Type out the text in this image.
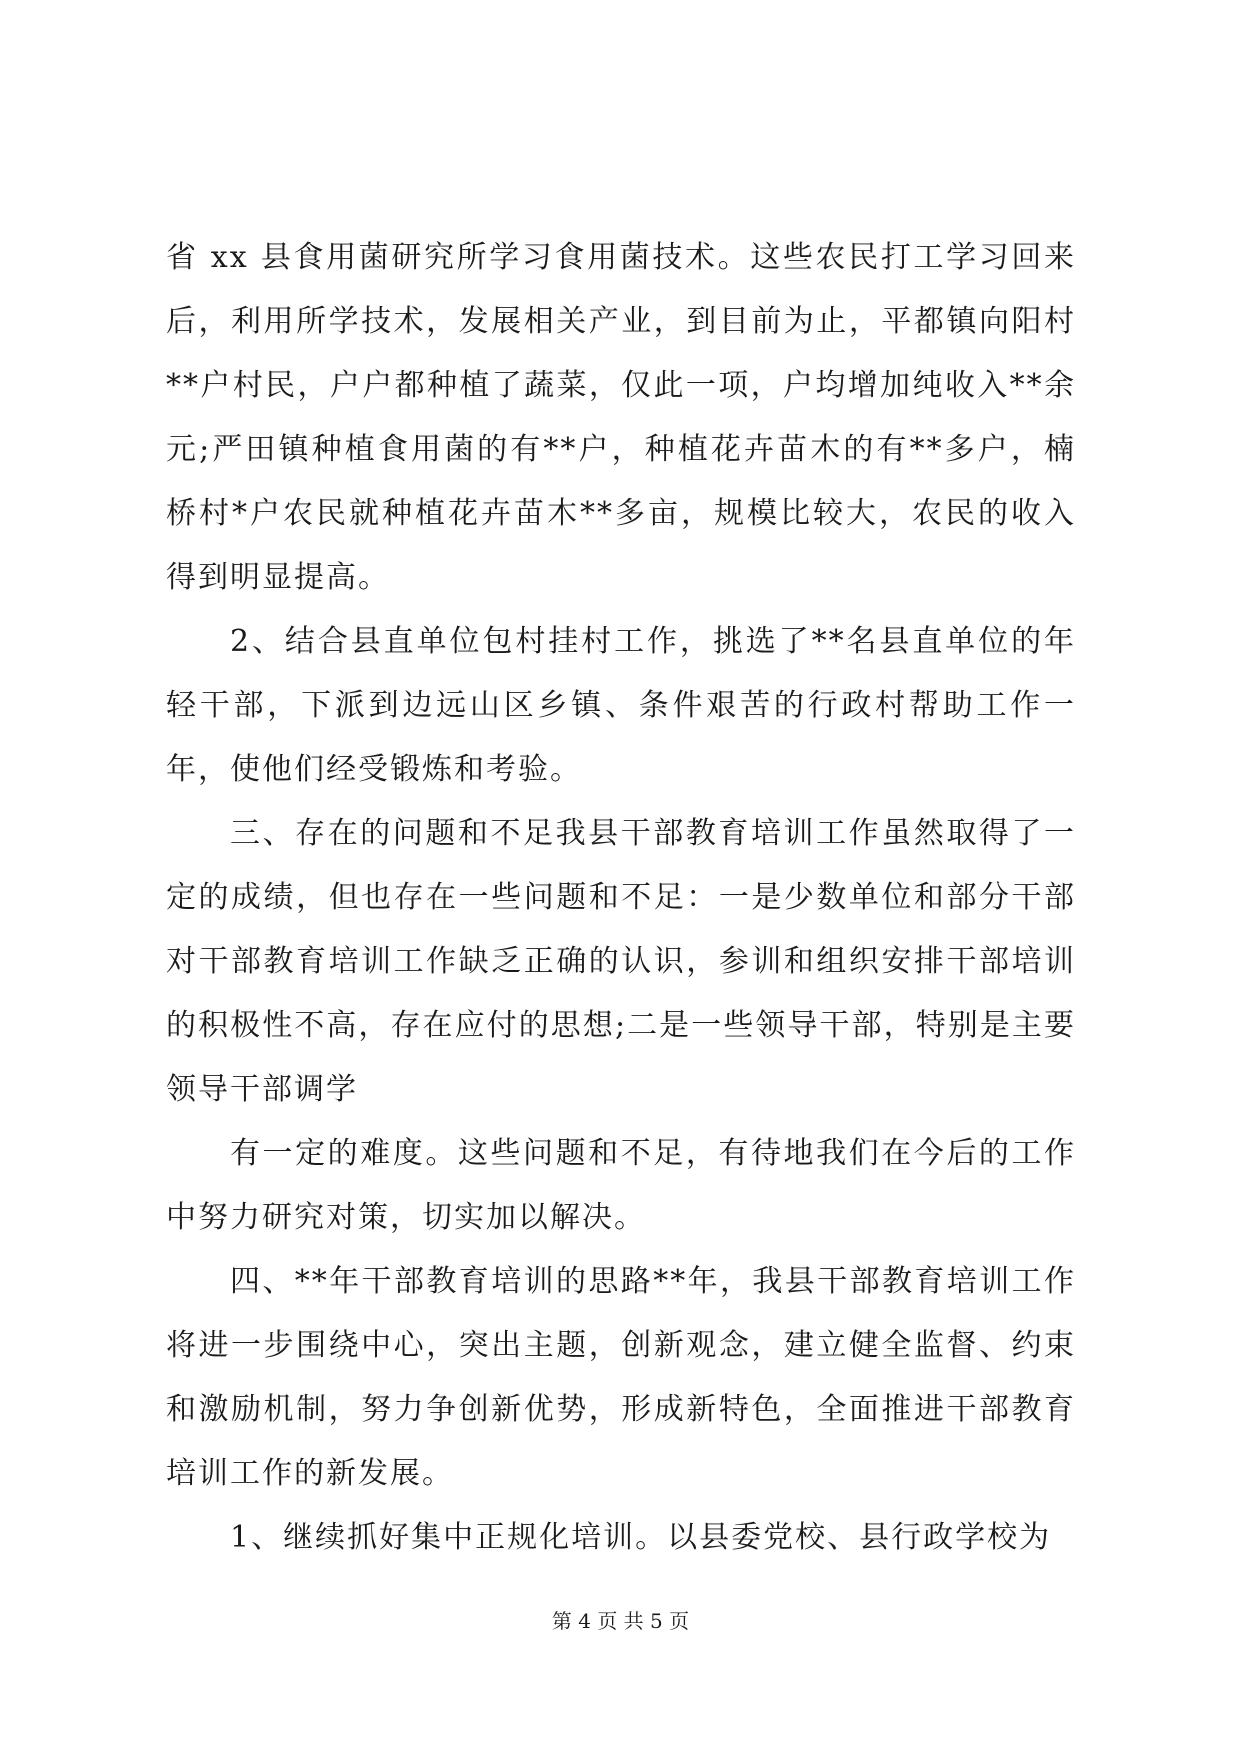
省 xx 县食用菌研究所学习食用菌技术。这些农民打工学习回来后，利用所学技术，发展相关产业，到目前为止，平都镇向阳村**户村民，户户都种植了蔬菜，仅此一项，户均增加纯收入**余元;严田镇种植食用菌的有**户，种植花卉苗木的有**多户，楠桥村*户农民就种植花卉苗木**多亩，规模比较大，农民的收入得到明显提高。

2、结合县直单位包村挂村工作，挑选了**名县直单位的年轻干部，下派到边远山区乡镇、条件艰苦的行政村帮助工作一年，使他们经受锻炼和考验。

三、存在的问题和不足我县干部教育培训工作虽然取得了一定的成绩，但也存在一些问题和不足：一是少数单位和部分干部对干部教育培训工作缺乏正确的认识，参训和组织安排干部培训的积极性不高，存在应付的思想;二是一些领导干部，特别是主要领导干部调学

有一定的难度。这些问题和不足，有待地我们在今后的工作中努力研究对策，切实加以解决。

四、**年干部教育培训的思路**年，我县干部教育培训工作将进一步围绕中心，突出主题，创新观念，建立健全监督、约束和激励机制，努力争创新优势，形成新特色，全面推进干部教育培训工作的新发展。

1、继续抓好集中正规化培训。以县委党校、县行政学校为

第 4 页 共 5 页
